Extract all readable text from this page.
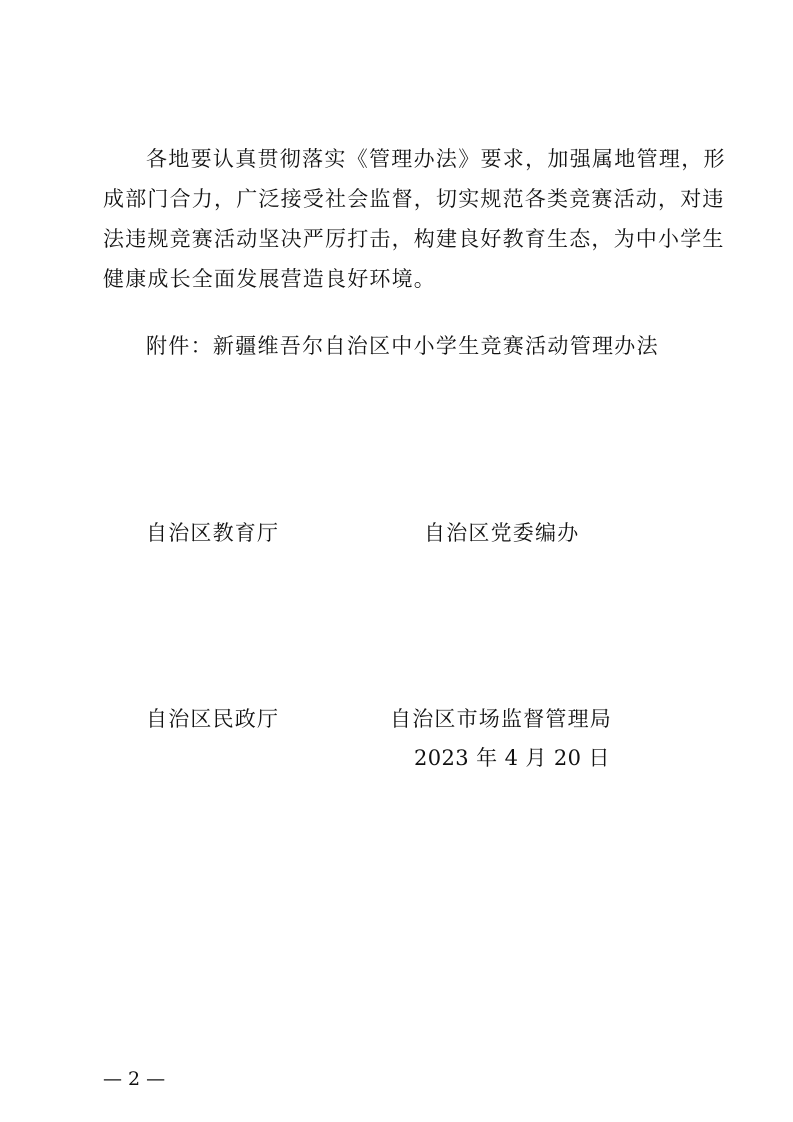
各地要认真贯彻落实《管理办法》要求，加强属地管理，形
成部门合力，广泛接受社会监督，切实规范各类竞赛活动，对违
法违规竞赛活动坚决严厉打击，构建良好教育生态，为中小学生
健康成长全面发展营造良好环境。
附件：新疆维吾尔自治区中小学生竞赛活动管理办法
自治区教育厅	自治区党委编办
自治区民政厅	自治区市场监督管理局
2023 年 4 月 20 日
— 2 —
